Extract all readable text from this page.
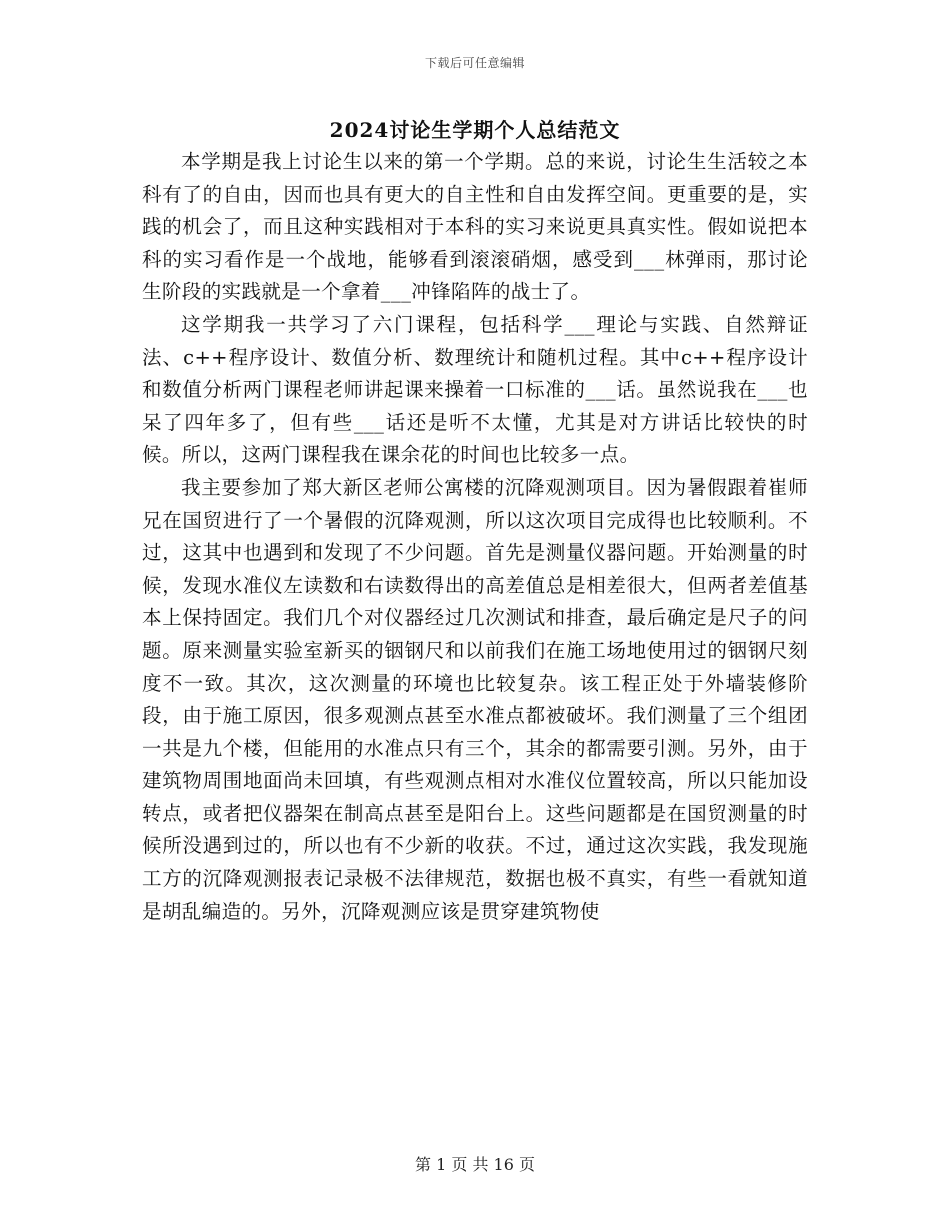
下载后可任意编辑
2024讨论生学期个人总结范文

本学期是我上讨论生以来的第一个学期。总的来说，讨论生生活较之本科有了的自由，因而也具有更大的自主性和自由发挥空间。更重要的是，实践的机会了，而且这种实践相对于本科的实习来说更具真实性。假如说把本科的实习看作是一个战地，能够看到滚滚硝烟，感受到___林弹雨，那讨论生阶段的实践就是一个拿着___冲锋陷阵的战士了。

这学期我一共学习了六门课程，包括科学___理论与实践、自然辩证法、c++程序设计、数值分析、数理统计和随机过程。其中c++程序设计和数值分析两门课程老师讲起课来操着一口标准的___话。虽然说我在___也呆了四年多了，但有些___话还是听不太懂，尤其是对方讲话比较快的时候。所以，这两门课程我在课余花的时间也比较多一点。

我主要参加了郑大新区老师公寓楼的沉降观测项目。因为暑假跟着崔师兄在国贸进行了一个暑假的沉降观测，所以这次项目完成得也比较顺利。不过，这其中也遇到和发现了不少问题。首先是测量仪器问题。开始测量的时候，发现水准仪左读数和右读数得出的高差值总是相差很大，但两者差值基本上保持固定。我们几个对仪器经过几次测试和排查，最后确定是尺子的问题。原来测量实验室新买的铟钢尺和以前我们在施工场地使用过的铟钢尺刻度不一致。其次，这次测量的环境也比较复杂。该工程正处于外墙装修阶段，由于施工原因，很多观测点甚至水准点都被破坏。我们测量了三个组团一共是九个楼，但能用的水准点只有三个，其余的都需要引测。另外，由于建筑物周围地面尚未回填，有些观测点相对水准仪位置较高，所以只能加设转点，或者把仪器架在制高点甚至是阳台上。这些问题都是在国贸测量的时候所没遇到过的，所以也有不少新的收获。不过，通过这次实践，我发现施工方的沉降观测报表记录极不法律规范，数据也极不真实，有些一看就知道是胡乱编造的。另外，沉降观测应该是贯穿建筑物使

第 1 页 共 16 页
